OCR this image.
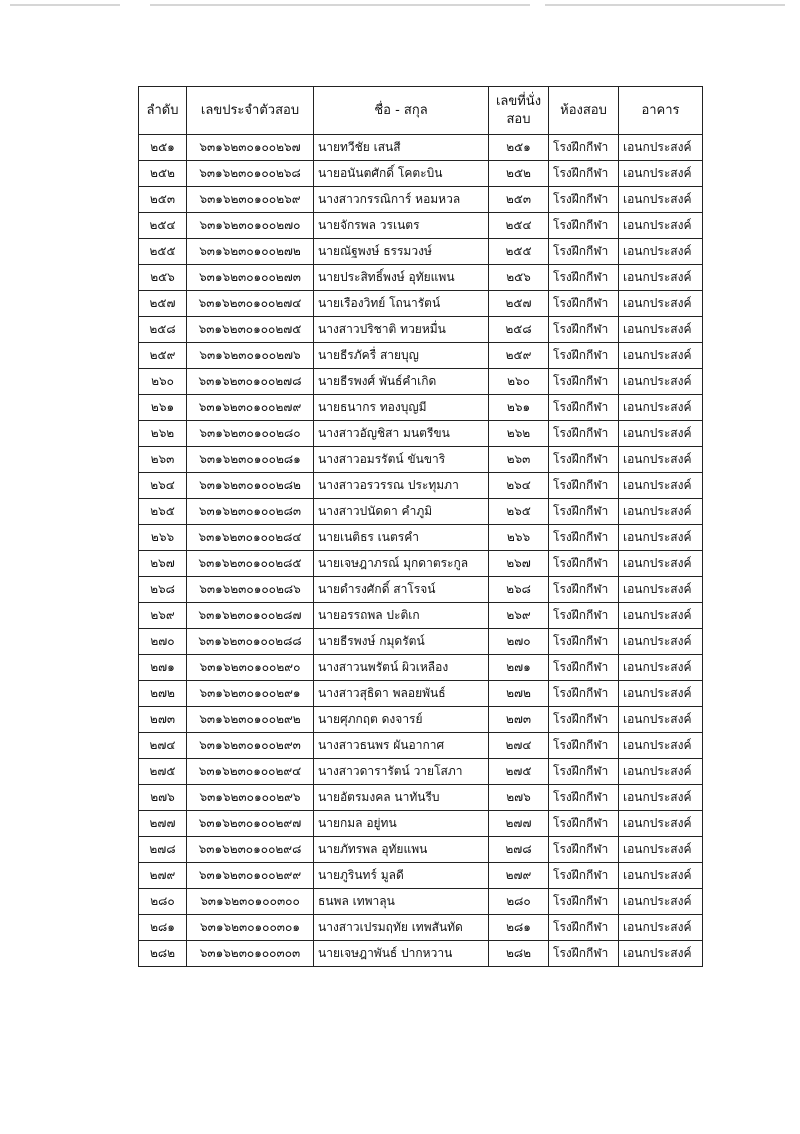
ลำดับ	เลขประจำตัวสอบ	ชื่อ - สกุล	เลขที่นั่งสอบ	ห้องสอบ	อาคาร
๒๕๑	๖๓๑๖๒๓๐๑๐๐๒๖๗	นายทวีชัย เสนสี	๒๕๑	โรงฝึกกีฬา	เอนกประสงค์
๒๕๒	๖๓๑๖๒๓๐๑๐๐๒๖๘	นายอนันตศักดิ์ โคตะบิน	๒๕๒	โรงฝึกกีฬา	เอนกประสงค์
๒๕๓	๖๓๑๖๒๓๐๑๐๐๒๖๙	นางสาวกรรณิการ์ หอมหวล	๒๕๓	โรงฝึกกีฬา	เอนกประสงค์
๒๕๔	๖๓๑๖๒๓๐๑๐๐๒๗๐	นายจักรพล วรเนตร	๒๕๔	โรงฝึกกีฬา	เอนกประสงค์
๒๕๕	๖๓๑๖๒๓๐๑๐๐๒๗๒	นายณัฐพงษ์ ธรรมวงษ์	๒๕๕	โรงฝึกกีฬา	เอนกประสงค์
๒๕๖	๖๓๑๖๒๓๐๑๐๐๒๗๓	นายประสิทธิ์พงษ์ อุทัยแพน	๒๕๖	โรงฝึกกีฬา	เอนกประสงค์
๒๕๗	๖๓๑๖๒๓๐๑๐๐๒๗๔	นายเรืองวิทย์ โถนารัตน์	๒๕๗	โรงฝึกกีฬา	เอนกประสงค์
๒๕๘	๖๓๑๖๒๓๐๑๐๐๒๗๕	นางสาวปริชาติ ทวยหมื่น	๒๕๘	โรงฝึกกีฬา	เอนกประสงค์
๒๕๙	๖๓๑๖๒๓๐๑๐๐๒๗๖	นายธีรภัครื่ สายบุญ	๒๕๙	โรงฝึกกีฬา	เอนกประสงค์
๒๖๐	๖๓๑๖๒๓๐๑๐๐๒๗๘	นายธีรพงศ์ พันธ์คำเกิด	๒๖๐	โรงฝึกกีฬา	เอนกประสงค์
๒๖๑	๖๓๑๖๒๓๐๑๐๐๒๗๙	นายธนากร ทองบุญมี	๒๖๑	โรงฝึกกีฬา	เอนกประสงค์
๒๖๒	๖๓๑๖๒๓๐๑๐๐๒๘๐	นางสาวอัญชิสา มนตรีขน	๒๖๒	โรงฝึกกีฬา	เอนกประสงค์
๒๖๓	๖๓๑๖๒๓๐๑๐๐๒๘๑	นางสาวอมรรัตน์ ขันขาริ	๒๖๓	โรงฝึกกีฬา	เอนกประสงค์
๒๖๔	๖๓๑๖๒๓๐๑๐๐๒๘๒	นางสาวอรวรรณ ประทุมภา	๒๖๔	โรงฝึกกีฬา	เอนกประสงค์
๒๖๕	๖๓๑๖๒๓๐๑๐๐๒๘๓	นางสาวปนัดดา คำภูมิ	๒๖๕	โรงฝึกกีฬา	เอนกประสงค์
๒๖๖	๖๓๑๖๒๓๐๑๐๐๒๘๔	นายเนติธร เนตรคำ	๒๖๖	โรงฝึกกีฬา	เอนกประสงค์
๒๖๗	๖๓๑๖๒๓๐๑๐๐๒๘๕	นายเจษฎาภรณ์ มุกดาตระกูล	๒๖๗	โรงฝึกกีฬา	เอนกประสงค์
๒๖๘	๖๓๑๖๒๓๐๑๐๐๒๘๖	นายดำรงศักดิ์ สาโรจน์	๒๖๘	โรงฝึกกีฬา	เอนกประสงค์
๒๖๙	๖๓๑๖๒๓๐๑๐๐๒๘๗	นายอรรถพล ปะติเก	๒๖๙	โรงฝึกกีฬา	เอนกประสงค์
๒๗๐	๖๓๑๖๒๓๐๑๐๐๒๘๘	นายธีรพงษ์ กมุดรัตน์	๒๗๐	โรงฝึกกีฬา	เอนกประสงค์
๒๗๑	๖๓๑๖๒๓๐๑๐๐๒๙๐	นางสาวนพรัตน์ ผิวเหลือง	๒๗๑	โรงฝึกกีฬา	เอนกประสงค์
๒๗๒	๖๓๑๖๒๓๐๑๐๐๒๙๑	นางสาวสุธิดา พลอยพันธ์	๒๗๒	โรงฝึกกีฬา	เอนกประสงค์
๒๗๓	๖๓๑๖๒๓๐๑๐๐๒๙๒	นายศุภกฤต ดงจารย์	๒๗๓	โรงฝึกกีฬา	เอนกประสงค์
๒๗๔	๖๓๑๖๒๓๐๑๐๐๒๙๓	นางสาวธนพร ผันอากาศ	๒๗๔	โรงฝึกกีฬา	เอนกประสงค์
๒๗๕	๖๓๑๖๒๓๐๑๐๐๒๙๔	นางสาวดารารัตน์ วายโสภา	๒๗๕	โรงฝึกกีฬา	เอนกประสงค์
๒๗๖	๖๓๑๖๒๓๐๑๐๐๒๙๖	นายอัตรมงคล นาทันรีบ	๒๗๖	โรงฝึกกีฬา	เอนกประสงค์
๒๗๗	๖๓๑๖๒๓๐๑๐๐๒๙๗	นายกมล อยู่ทน	๒๗๗	โรงฝึกกีฬา	เอนกประสงค์
๒๗๘	๖๓๑๖๒๓๐๑๐๐๒๙๘	นายภัทรพล อุทัยแพน	๒๗๘	โรงฝึกกีฬา	เอนกประสงค์
๒๗๙	๖๓๑๖๒๓๐๑๐๐๒๙๙	นายภูรินทร์ มูลดี	๒๗๙	โรงฝึกกีฬา	เอนกประสงค์
๒๘๐	๖๓๑๖๒๓๐๑๐๐๓๐๐	ธนพล เทพาลุน	๒๘๐	โรงฝึกกีฬา	เอนกประสงค์
๒๘๑	๖๓๑๖๒๓๐๑๐๐๓๐๑	นางสาวเปรมฤทัย เทพสันทัด	๒๘๑	โรงฝึกกีฬา	เอนกประสงค์
๒๘๒	๖๓๑๖๒๓๐๑๐๐๓๐๓	นายเจษฎาพันธ์ ปากหวาน	๒๘๒	โรงฝึกกีฬา	เอนกประสงค์
